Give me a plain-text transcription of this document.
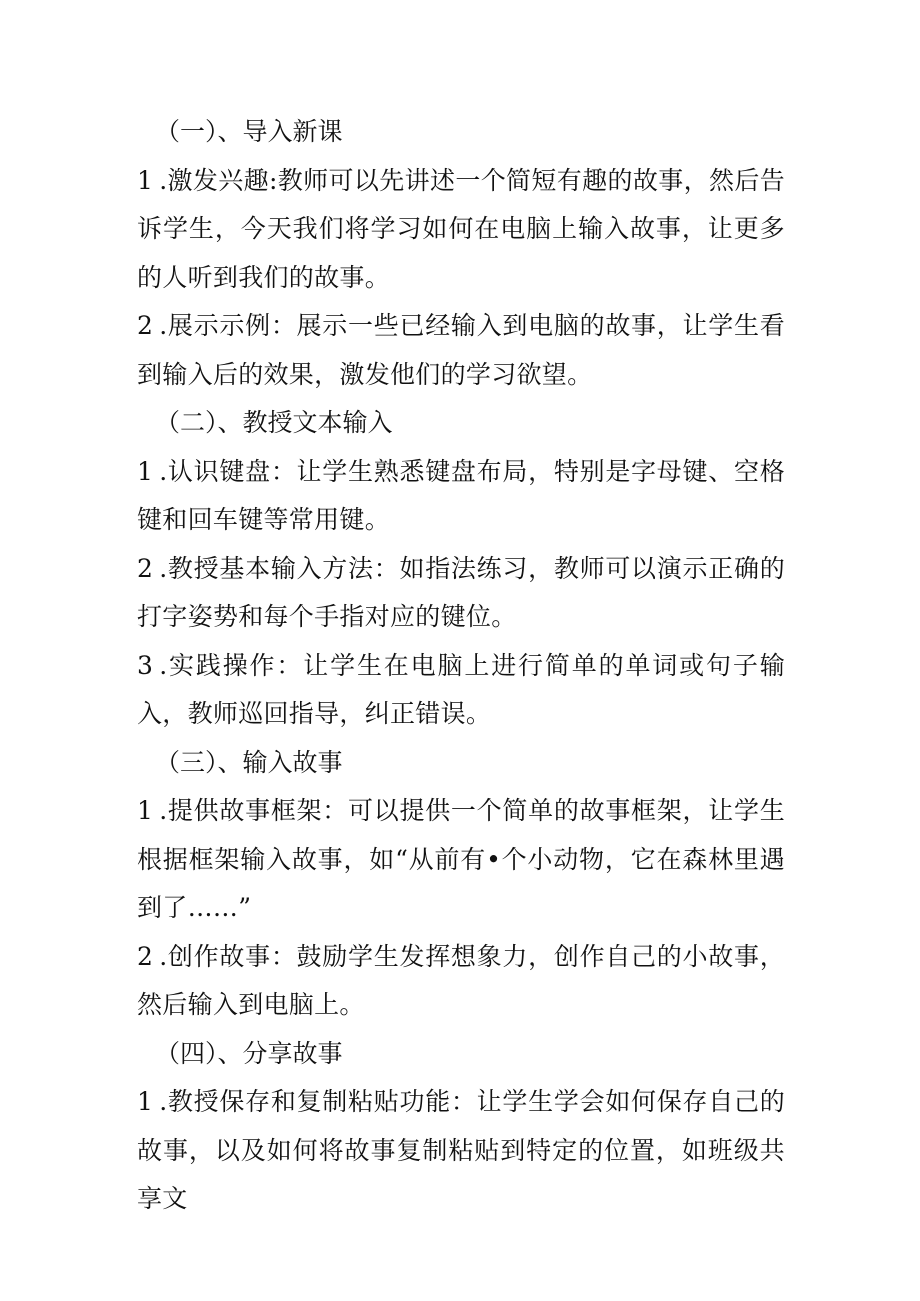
（一）、导入新课

1 .激发兴趣:教师可以先讲述一个简短有趣的故事，然后告诉学生，今天我们将学习如何在电脑上输入故事，让更多的人听到我们的故事。

2 .展示示例：展示一些已经输入到电脑的故事，让学生看到输入后的效果，激发他们的学习欲望。

（二）、教授文本输入

1 .认识键盘：让学生熟悉键盘布局，特别是字母键、空格键和回车键等常用键。

2 .教授基本输入方法：如指法练习，教师可以演示正确的打字姿势和每个手指对应的键位。

3 .实践操作：让学生在电脑上进行简单的单词或句子输入，教师巡回指导，纠正错误。

（三）、输入故事

1 .提供故事框架：可以提供一个简单的故事框架，让学生根据框架输入故事，如“从前有•个小动物，它在森林里遇到了……”

2 .创作故事：鼓励学生发挥想象力，创作自己的小故事，然后输入到电脑上。

（四）、分享故事

1 .教授保存和复制粘贴功能：让学生学会如何保存自己的故事，以及如何将故事复制粘贴到特定的位置，如班级共享文
